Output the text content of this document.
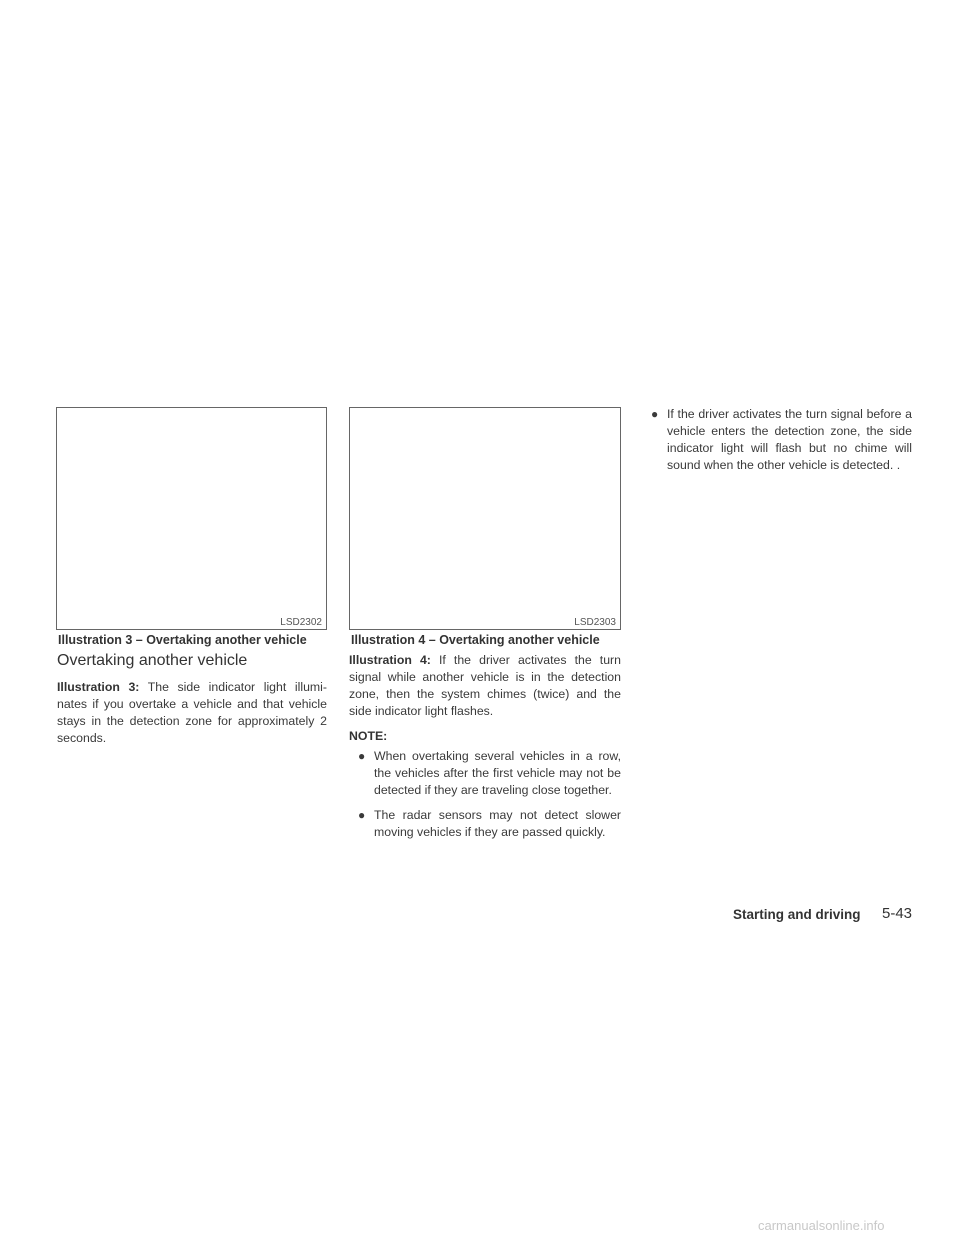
LSD2302
Illustration 3 – Overtaking another vehicle
LSD2303
Illustration 4 – Overtaking another vehicle
Overtaking another vehicle
Illustration 3: The side indicator light illumi- nates if you overtake a vehicle and that vehicle stays in the detection zone for approximately 2 seconds.
Illustration 4: If the driver activates the turn signal while another vehicle is in the detection zone, then the system chimes (twice) and the side indicator light flashes.
NOTE:
● When overtaking several vehicles in a row, the vehicles after the first vehicle may not be detected if they are traveling close together.
● The radar sensors may not detect slower moving vehicles if they are passed quickly.
● If the driver activates the turn signal before a vehicle enters the detection zone, the side indicator light will flash but no chime will sound when the other vehicle is detected. .
Starting and driving 5-43
carmanualsonline.info
